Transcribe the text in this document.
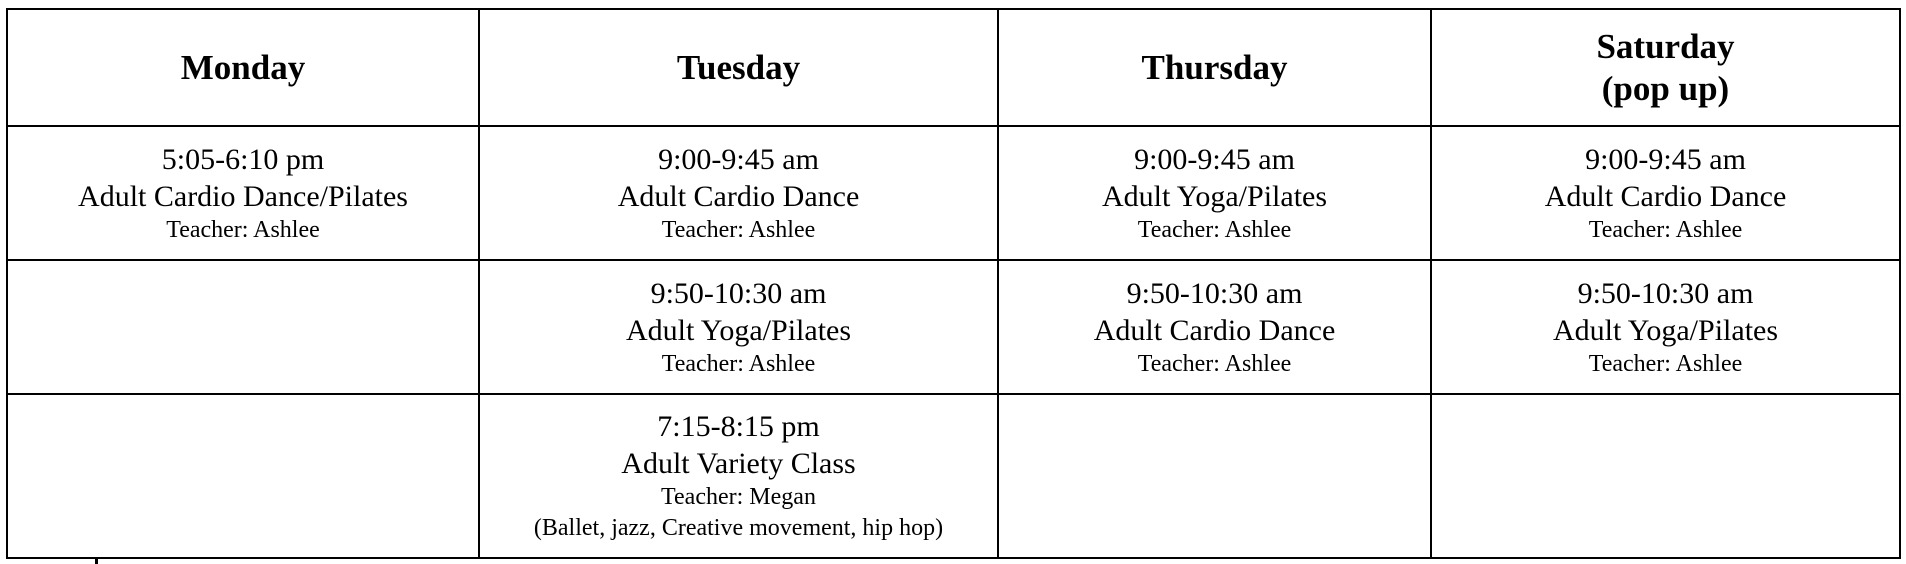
Monday	Tuesday	Thursday	Saturday
(pop up)

5:05-6:10 pm
Adult Cardio Dance/Pilates
Teacher: Ashlee	9:00-9:45 am
Adult Cardio Dance
Teacher: Ashlee	9:00-9:45 am
Adult Yoga/Pilates
Teacher: Ashlee	9:00-9:45 am
Adult Cardio Dance
Teacher: Ashlee

	9:50-10:30 am
Adult Yoga/Pilates
Teacher: Ashlee	9:50-10:30 am
Adult Cardio Dance
Teacher: Ashlee	9:50-10:30 am
Adult Yoga/Pilates
Teacher: Ashlee

	7:15-8:15 pm
Adult Variety Class
Teacher: Megan
(Ballet, jazz, Creative movement, hip hop)		
